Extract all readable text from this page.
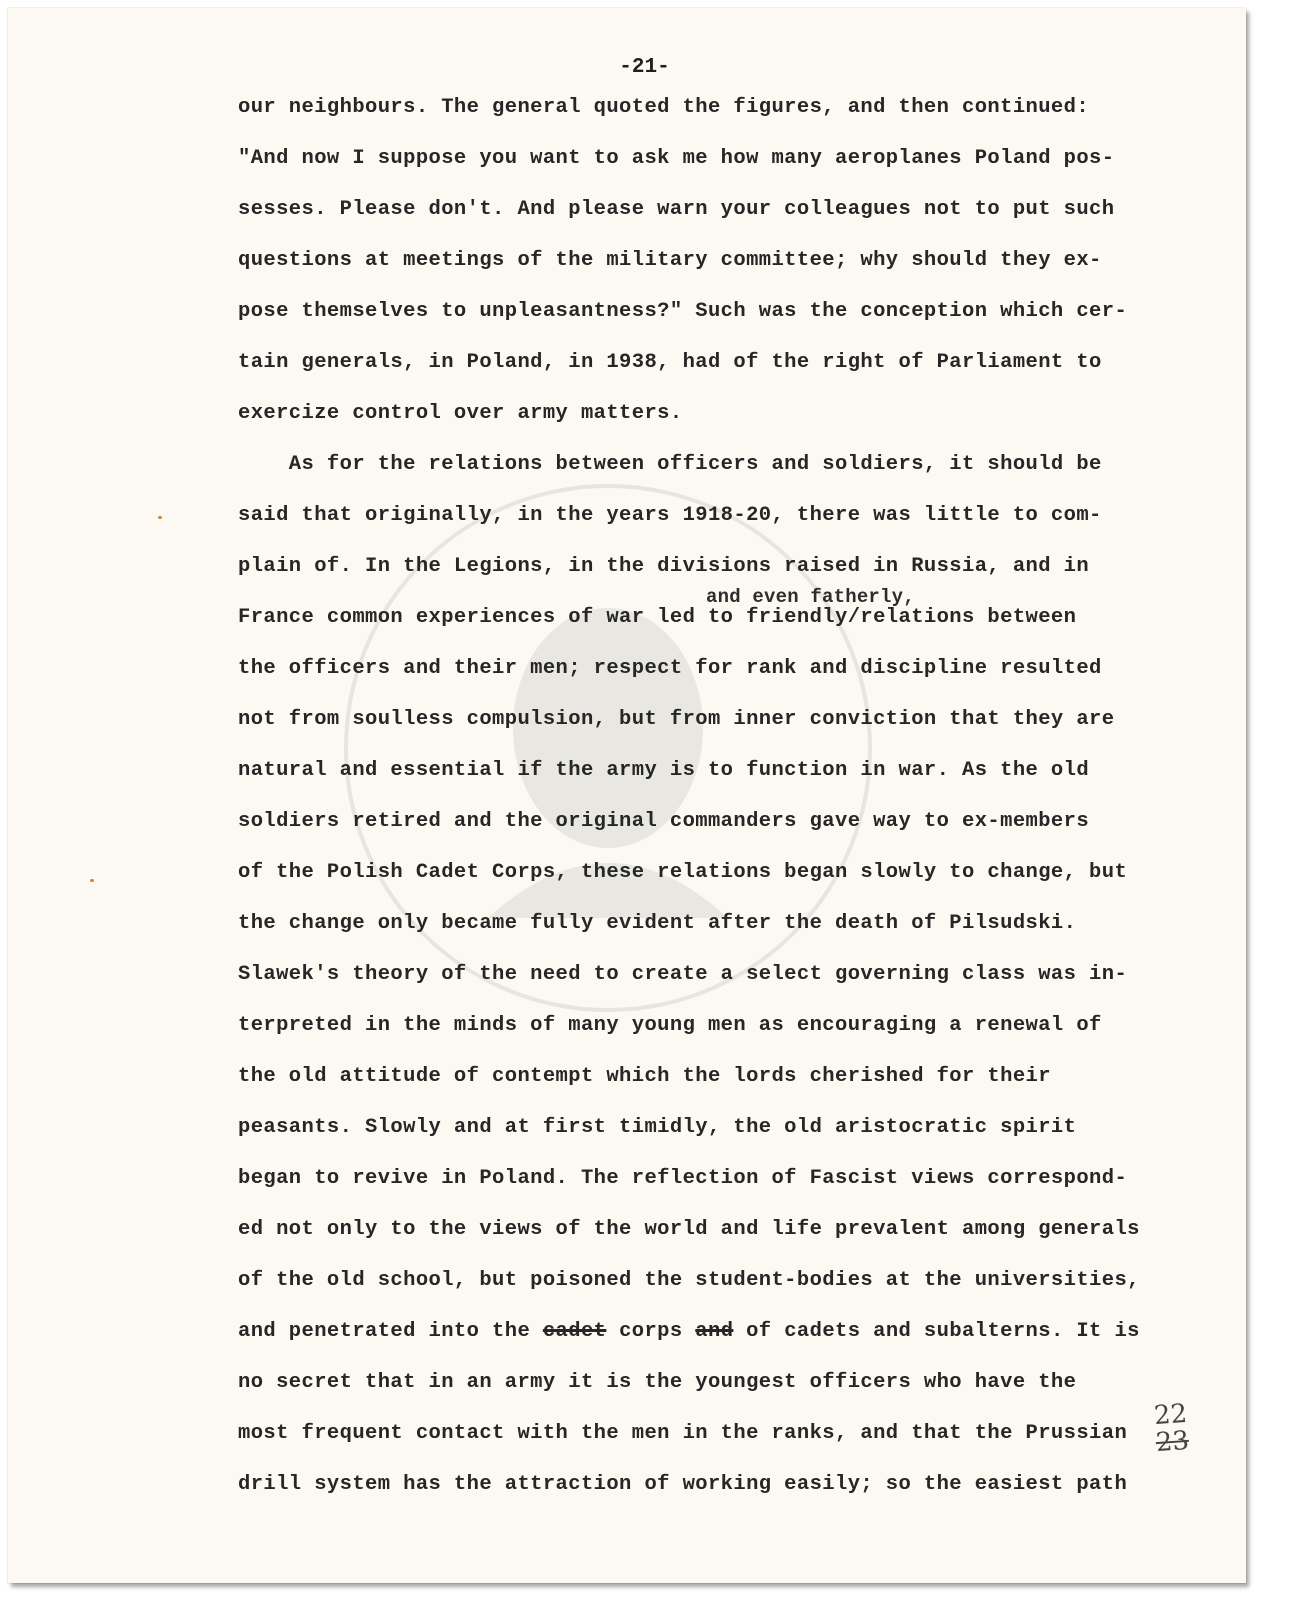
-21-
our neighbours. The general quoted the figures, and then continued:
"And now I suppose you want to ask me how many aeroplanes Poland pos-
sesses. Please don't. And please warn your colleagues not to put such
questions at meetings of the military committee; why should they ex-
pose themselves to unpleasantness?" Such was the conception which cer-
tain generals, in Poland, in 1938, had of the right of Parliament to
exercize control over army matters.
As for the relations between officers and soldiers, it should be
said that originally, in the years 1918-20, there was little to com-
plain of. In the Legions, in the divisions raised in Russia, and in
and even fatherly,
France common experiences of war led to friendly/relations between
the officers and their men; respect for rank and discipline resulted
not from soulless compulsion, but from inner conviction that they are
natural and essential if the army is to function in war. As the old
soldiers retired and the original commanders gave way to ex-members
of the Polish Cadet Corps, these relations began slowly to change, but
the change only became fully evident after the death of Pilsudski.
Slawek's theory of the need to create a select governing class was in-
terpreted in the minds of many young men as encouraging a renewal of
the old attitude of contempt which the lords cherished for their
peasants. Slowly and at first timidly, the old aristocratic spirit
began to revive in Poland. The reflection of Fascist views correspond-
ed not only to the views of the world and life prevalent among generals
of the old school, but poisoned the student-bodies at the universities,
and penetrated into the cadet corps and of cadets and subalterns. It is
no secret that in an army it is the youngest officers who have the
most frequent contact with the men in the ranks, and that the Prussian
drill system has the attraction of working easily; so the easiest path
22
23
